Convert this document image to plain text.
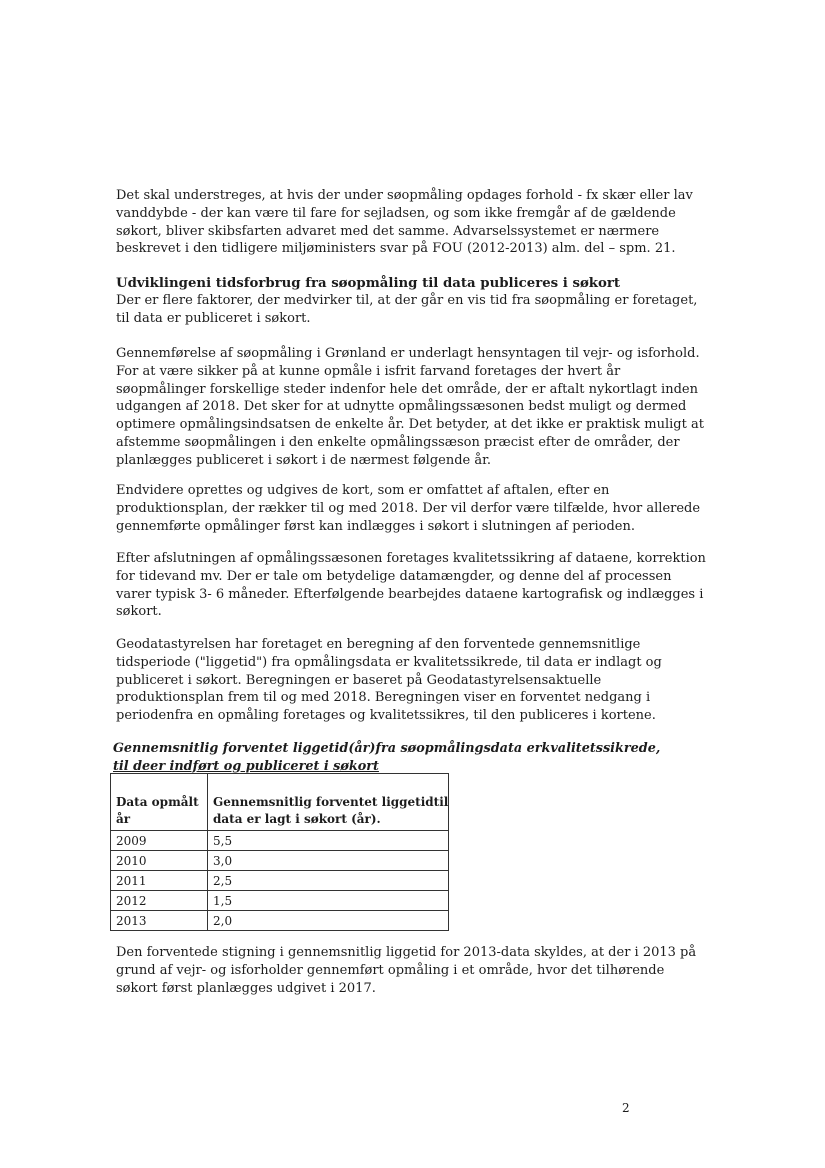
Det skal understreges, at hvis der under søopmåling opdages forhold - fx skær eller lav
vanddybde - der kan være til fare for sejladsen, og som ikke fremgår af de gældende
søkort, bliver skibsfarten advaret med det samme. Advarselssystemet er nærmere
beskrevet i den tidligere miljøministers svar på FOU (2012-2013) alm. del – spm. 21.

Udviklingeni tidsforbrug fra søopmåling til data publiceres i søkort

Der er flere faktorer, der medvirker til, at der går en vis tid fra søopmåling er foretaget,
til data er publiceret i søkort.

Gennemførelse af søopmåling i Grønland er underlagt hensyntagen til vejr- og isforhold.
For at være sikker på at kunne opmåle i isfrit farvand foretages der hvert år
søopmålinger forskellige steder indenfor hele det område, der er aftalt nykortlagt inden
udgangen af 2018. Det sker for at udnytte opmålingssæsonen bedst muligt og dermed
optimere opmålingsindsatsen de enkelte år. Det betyder, at det ikke er praktisk muligt at
afstemme søopmålingen i den enkelte opmålingssæson præcist efter de områder, der
planlægges publiceret i søkort i de nærmest følgende år.

Endvidere oprettes og udgives de kort, som er omfattet af aftalen, efter en
produktionsplan, der rækker til og med 2018. Der vil derfor være tilfælde, hvor allerede
gennemførte opmålinger først kan indlægges i søkort i slutningen af perioden.

Efter afslutningen af opmålingssæsonen foretages kvalitetssikring af dataene, korrektion
for tidevand mv. Der er tale om betydelige datamængder, og denne del af processen
varer typisk 3- 6 måneder. Efterfølgende bearbejdes dataene kartografisk og indlægges i
søkort.

Geodatastyrelsen har foretaget en beregning af den forventede gennemsnitlige
tidsperiode ("liggetid") fra opmålingsdata er kvalitetssikrede, til data er indlagt og
publiceret i søkort. Beregningen er baseret på Geodatastyrelsensaktuelle
produktionsplan frem til og med 2018. Beregningen viser en forventet nedgang i
periodenfra en opmåling foretages og kvalitetssikres, til den publiceres i kortene.

Gennemsnitlig forventet liggetid(år)fra søopmålingsdata erkvalitetssikrede,
til deer indført og publiceret i søkort

Data opmålt
år	Gennemsnitlig forventet liggetidtil
data er lagt i søkort (år).

2009	5,5
2010	3,0
2011	2,5
2012	1,5
2013	2,0

Den forventede stigning i gennemsnitlig liggetid for 2013-data skyldes, at der i 2013 på
grund af vejr- og isforholder gennemført opmåling i et område, hvor det tilhørende
søkort først planlægges udgivet i 2017.

2
